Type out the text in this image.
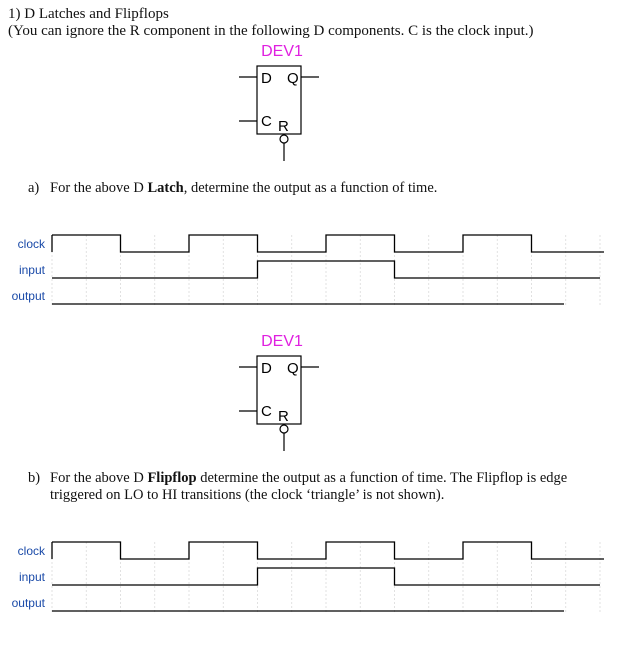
1) D Latches and Flipflops
(You can ignore the R component in the following D components. C is the clock input.)
DEV1
D Q
C R
a) For the above D Latch, determine the output as a function of time.
clock
input
output
DEV1
D Q
C R
b) For the above D Flipflop determine the output as a function of time. The Flipflop is edge triggered on LO to HI transitions (the clock ‘triangle’ is not shown).
clock
input
output
